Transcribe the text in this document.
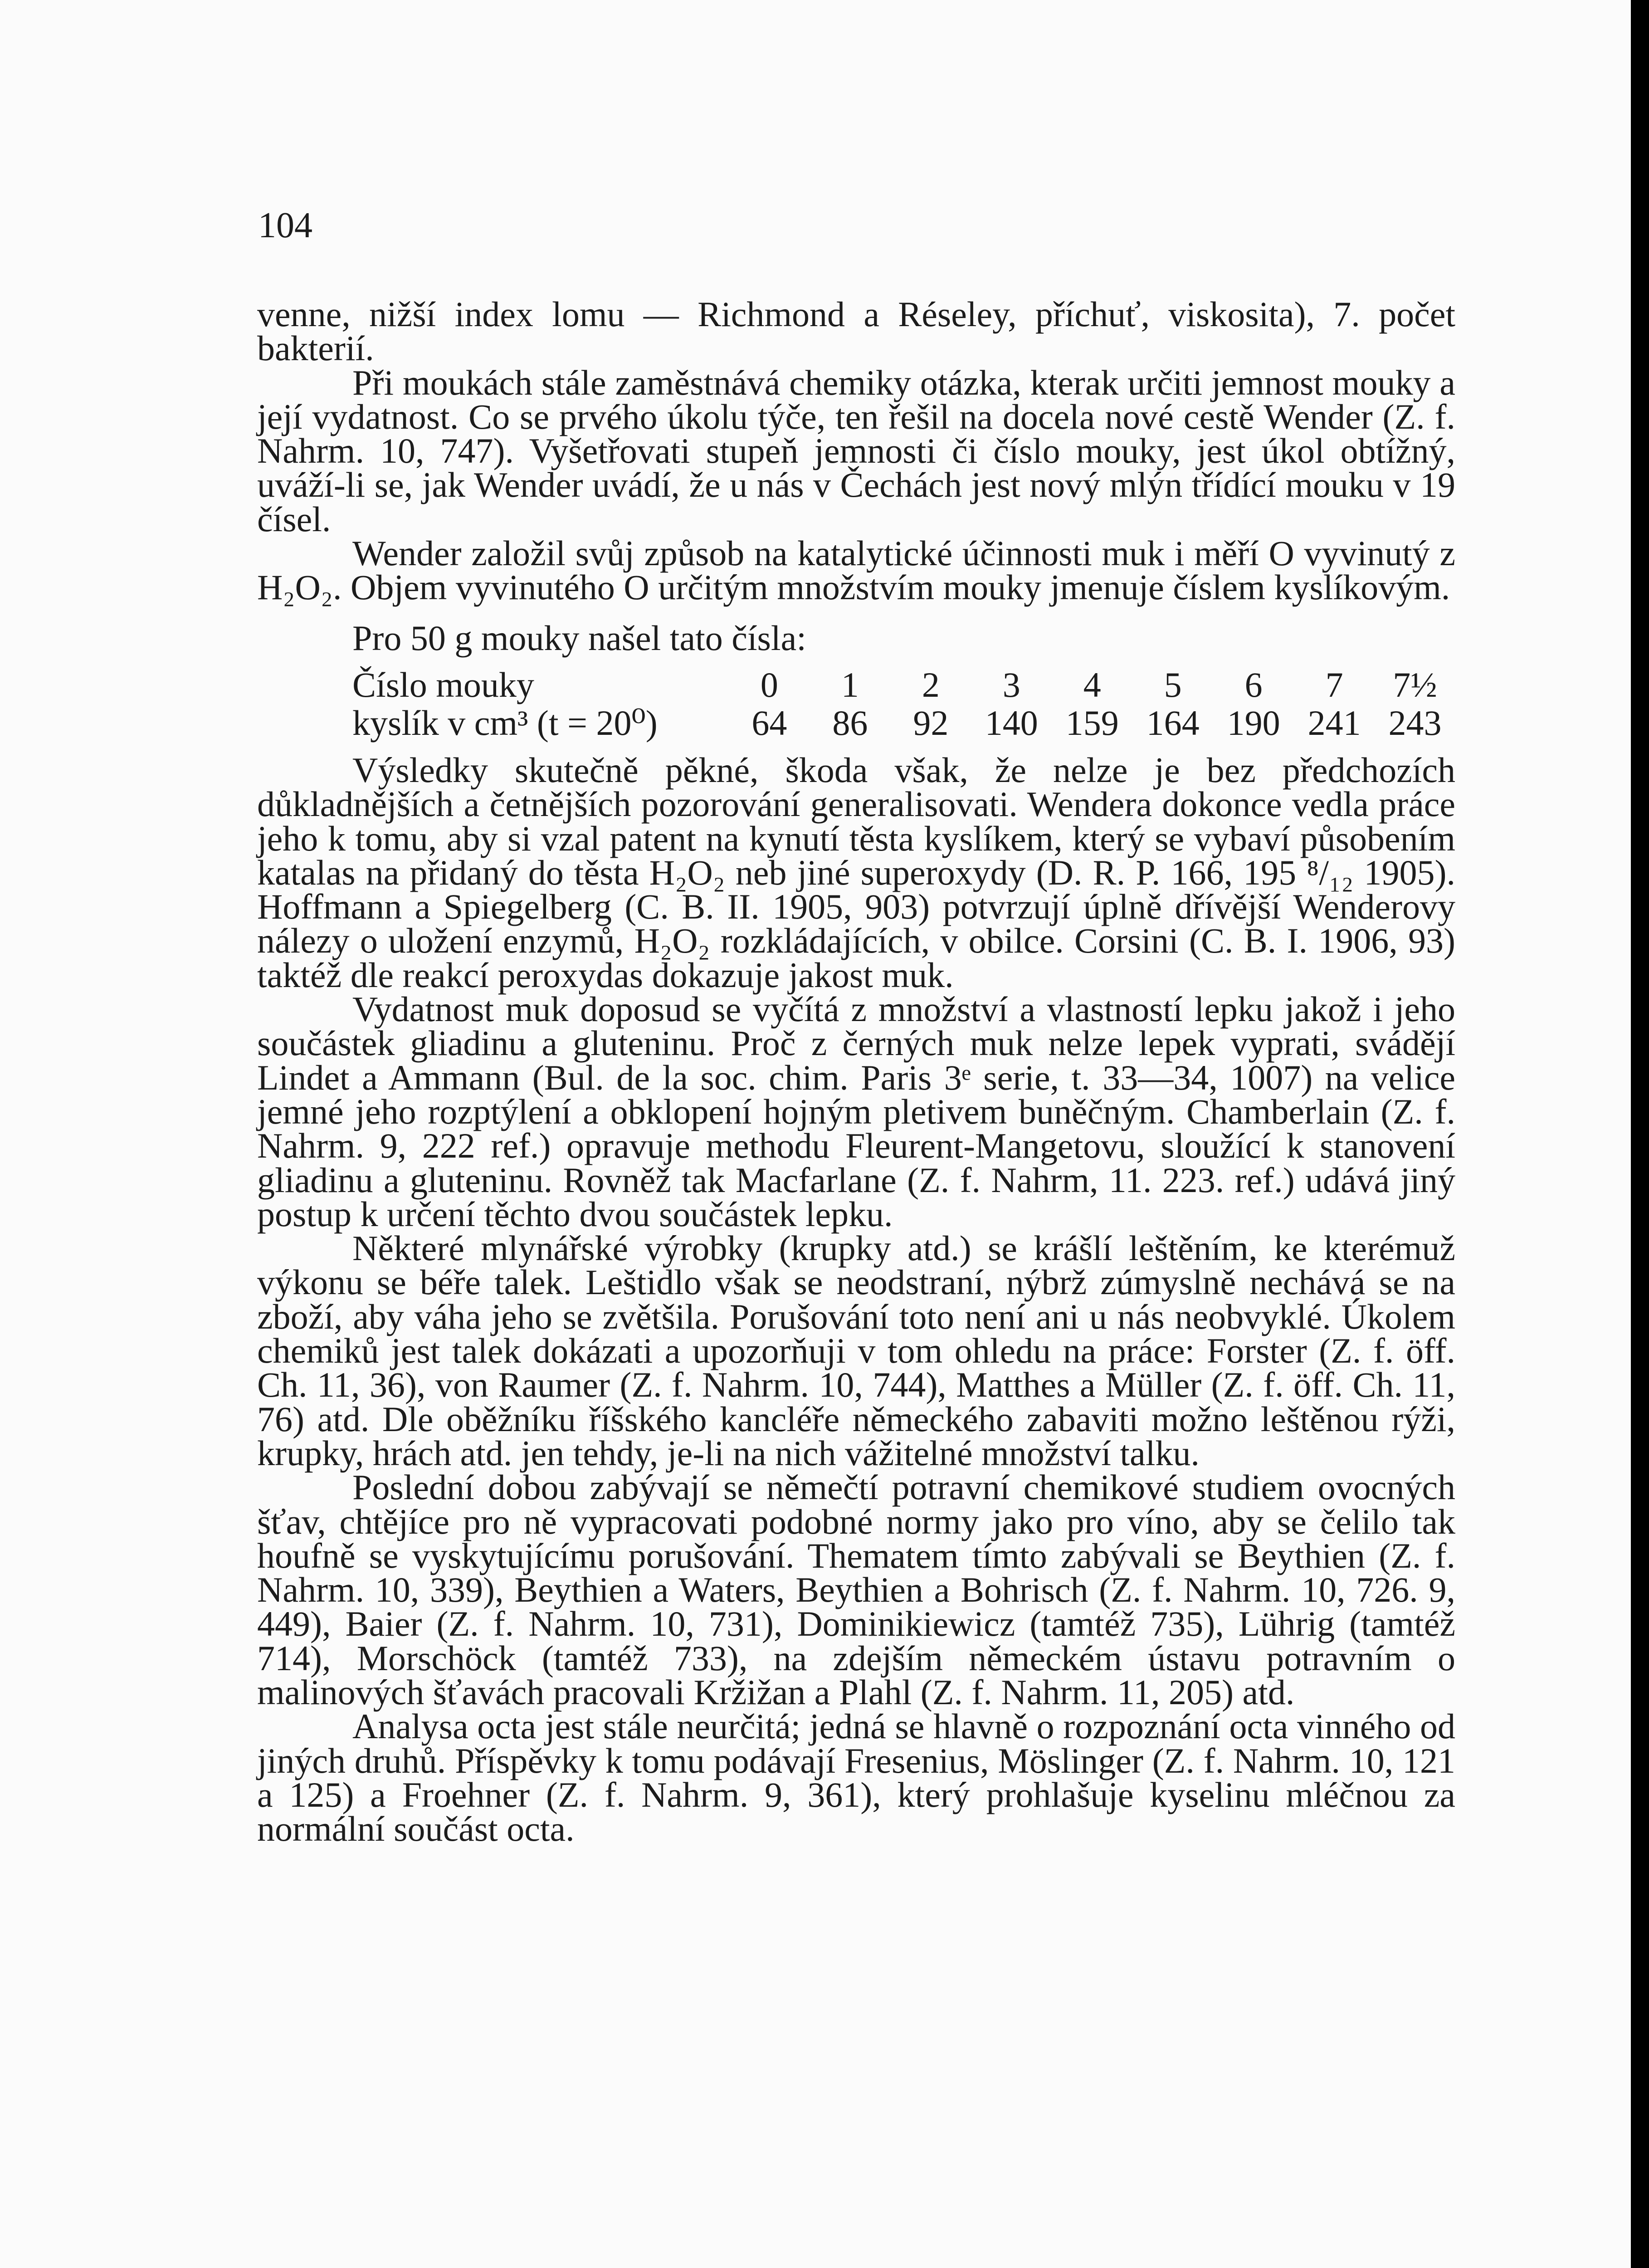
104

venne, nižší index lomu — Richmond a Réseley, příchuť, viskosita), 7. počet bakterií.

Při moukách stále zaměstnává chemiky otázka, kterak určiti jemnost mouky a její vydatnost. Co se prvého úkolu týče, ten řešil na docela nové cestě Wender (Z. f. Nahrm. 10, 747). Vyšetřovati stupeň jemnosti či číslo mouky, jest úkol obtížný, uváží-li se, jak Wender uvádí, že u nás v Čechách jest nový mlýn třídící mouku v 19 čísel.

Wender založil svůj způsob na katalytické účinnosti muk i měří O vyvinutý z H₂O₂. Objem vyvinutého O určitým množstvím mouky jmenuje číslem kyslíkovým.

Pro 50 g mouky našel tato čísla:

Číslo mouky	0	1	2	3	4	5	6	7	7½
kyslík v cm³ (t = 20⁰)	64	86	92	140 159 164 190 241 243

Výsledky skutečně pěkné, škoda však, že nelze je bez předchozích důkladnějších a četnějších pozorování generalisovati. Wendera dokonce vedla práce jeho k tomu, aby si vzal patent na kynutí těsta kyslíkem, který se vybaví působením katalas na přidaný do těsta H₂O₂ neb jiné superoxydy (D. R. P. 166, 195 ⁸/₁₂ 1905). Hoffmann a Spiegelberg (C. B. II. 1905, 903) potvrzují úplně dřívější Wenderovy nálezy o uložení enzymů, H₂O₂ rozkládajících, v obilce. Corsini (C. B. I. 1906, 93) taktéž dle reakcí peroxydas dokazuje jakost muk.

Vydatnost muk doposud se vyčítá z množství a vlastností lepku jakož i jeho součástek gliadinu a gluteninu. Proč z černých muk nelze lepek vyprati, svádějí Lindet a Ammann (Bul. de la soc. chim. Paris 3ᵉ serie, t. 33—34, 1007) na velice jemné jeho rozptýlení a obklopení hojným pletivem buněčným. Chamberlain (Z. f. Nahrm. 9, 222 ref.) opravuje methodu Fleurent-Mangetovu, sloužící k stanovení gliadinu a gluteninu. Rovněž tak Macfarlane (Z. f. Nahrm, 11. 223. ref.) udává jiný postup k určení těchto dvou součástek lepku.

Některé mlynářské výrobky (krupky atd.) se krášlí leštěním, ke kterémuž výkonu se béře talek. Leštidlo však se neodstraní, nýbrž zúmyslně nechává se na zboží, aby váha jeho se zvětšila. Porušování toto není ani u nás neobvyklé. Úkolem chemiků jest talek dokázati a upozorňuji v tom ohledu na práce: Forster (Z. f. öff. Ch. 11, 36), von Raumer (Z. f. Nahrm. 10, 744), Matthes a Müller (Z. f. öff. Ch. 11, 76) atd. Dle oběžníku říšského kancléře německého zabaviti možno leštěnou rýži, krupky, hrách atd. jen tehdy, je-li na nich vážitelné množství talku.

Poslední dobou zabývají se němečtí potravní chemikové studiem ovocných šťav, chtějíce pro ně vypracovati podobné normy jako pro víno, aby se čelilo tak houfně se vyskytujícímu porušování. Thematem tímto zabývali se Beythien (Z. f. Nahrm. 10, 339), Beythien a Waters, Beythien a Bohrisch (Z. f. Nahrm. 10, 726. 9, 449), Baier (Z. f. Nahrm. 10, 731), Dominikiewicz (tamtéž 735), Lührig (tamtéž 714), Morschöck (tamtéž 733), na zdejším německém ústavu potravním o malinových šťavách pracovali Kržižan a Plahl (Z. f. Nahrm. 11, 205) atd.

Analysa octa jest stále neurčitá; jedná se hlavně o rozpoznání octa vinného od jiných druhů. Příspěvky k tomu podávají Fresenius, Möslinger (Z. f. Nahrm. 10, 121 a 125) a Froehner (Z. f. Nahrm. 9, 361), který prohlašuje kyselinu mléčnou za normální součást octa.
